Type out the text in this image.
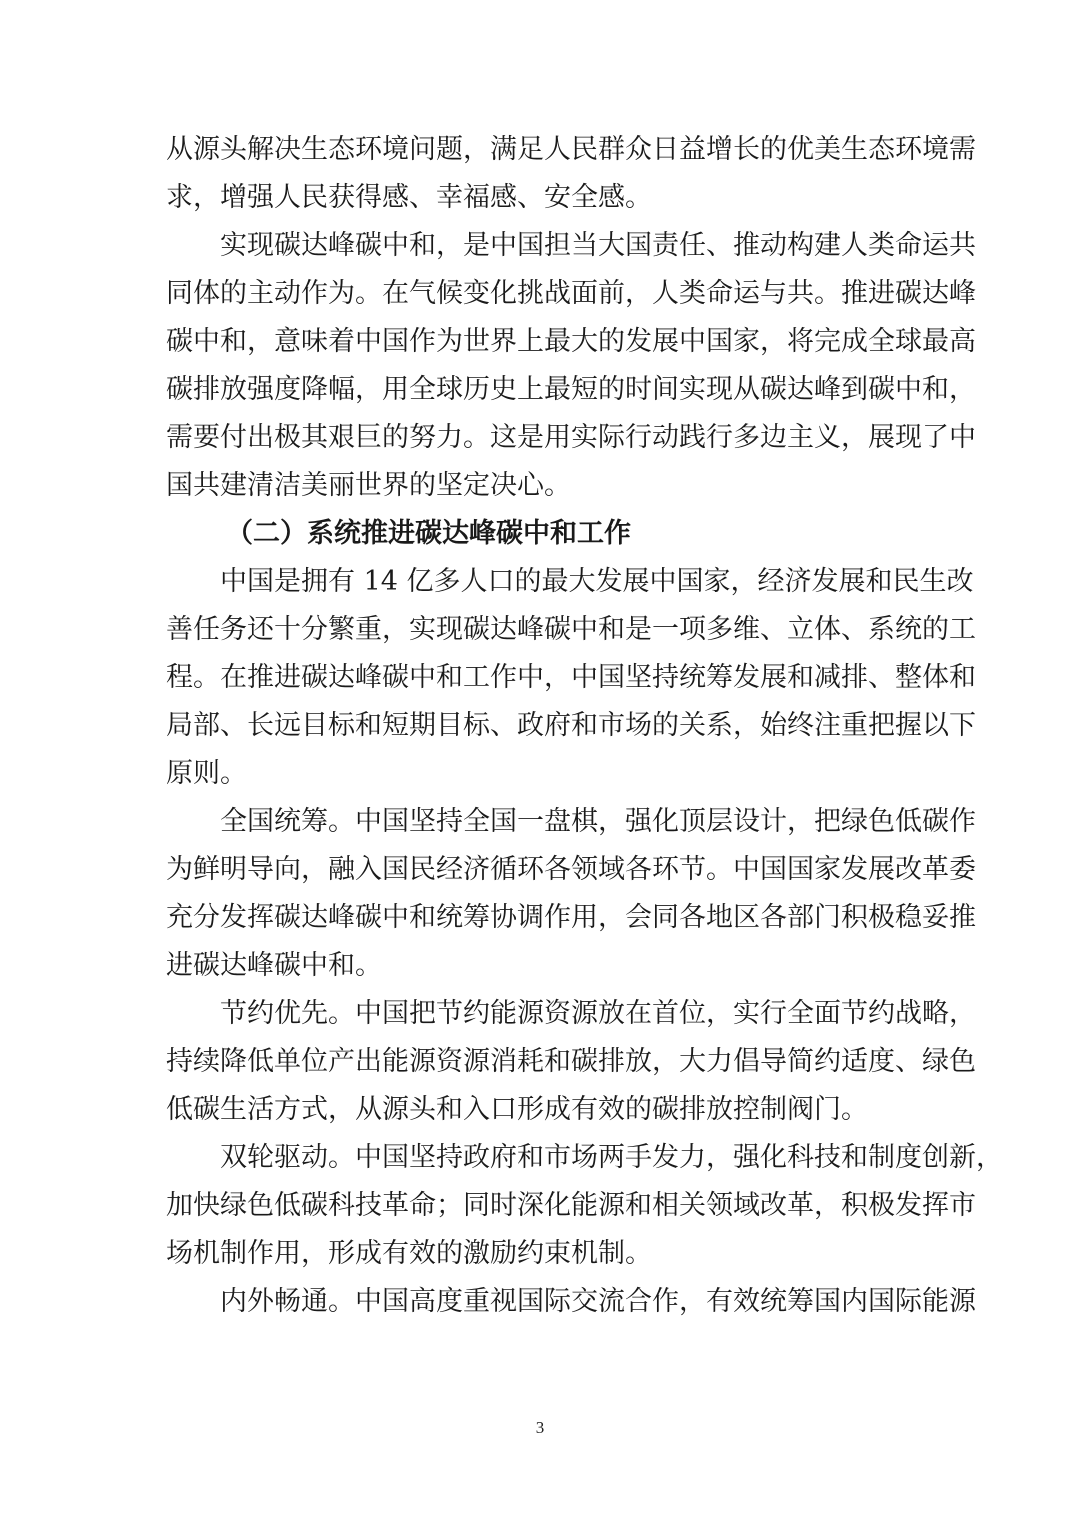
从源头解决生态环境问题，满足人民群众日益增长的优美生态环境需
求，增强人民获得感、幸福感、安全感。
实现碳达峰碳中和，是中国担当大国责任、推动构建人类命运共
同体的主动作为。在气候变化挑战面前，人类命运与共。推进碳达峰
碳中和，意味着中国作为世界上最大的发展中国家，将完成全球最高
碳排放强度降幅，用全球历史上最短的时间实现从碳达峰到碳中和，
需要付出极其艰巨的努力。这是用实际行动践行多边主义，展现了中
国共建清洁美丽世界的坚定决心。
（二）系统推进碳达峰碳中和工作
中国是拥有 14 亿多人口的最大发展中国家，经济发展和民生改
善任务还十分繁重，实现碳达峰碳中和是一项多维、立体、系统的工
程。在推进碳达峰碳中和工作中，中国坚持统筹发展和减排、整体和
局部、长远目标和短期目标、政府和市场的关系，始终注重把握以下
原则。
全国统筹。中国坚持全国一盘棋，强化顶层设计，把绿色低碳作
为鲜明导向，融入国民经济循环各领域各环节。中国国家发展改革委
充分发挥碳达峰碳中和统筹协调作用，会同各地区各部门积极稳妥推
进碳达峰碳中和。
节约优先。中国把节约能源资源放在首位，实行全面节约战略，
持续降低单位产出能源资源消耗和碳排放，大力倡导简约适度、绿色
低碳生活方式，从源头和入口形成有效的碳排放控制阀门。
双轮驱动。中国坚持政府和市场两手发力，强化科技和制度创新，
加快绿色低碳科技革命；同时深化能源和相关领域改革，积极发挥市
场机制作用，形成有效的激励约束机制。
内外畅通。中国高度重视国际交流合作，有效统筹国内国际能源
3
